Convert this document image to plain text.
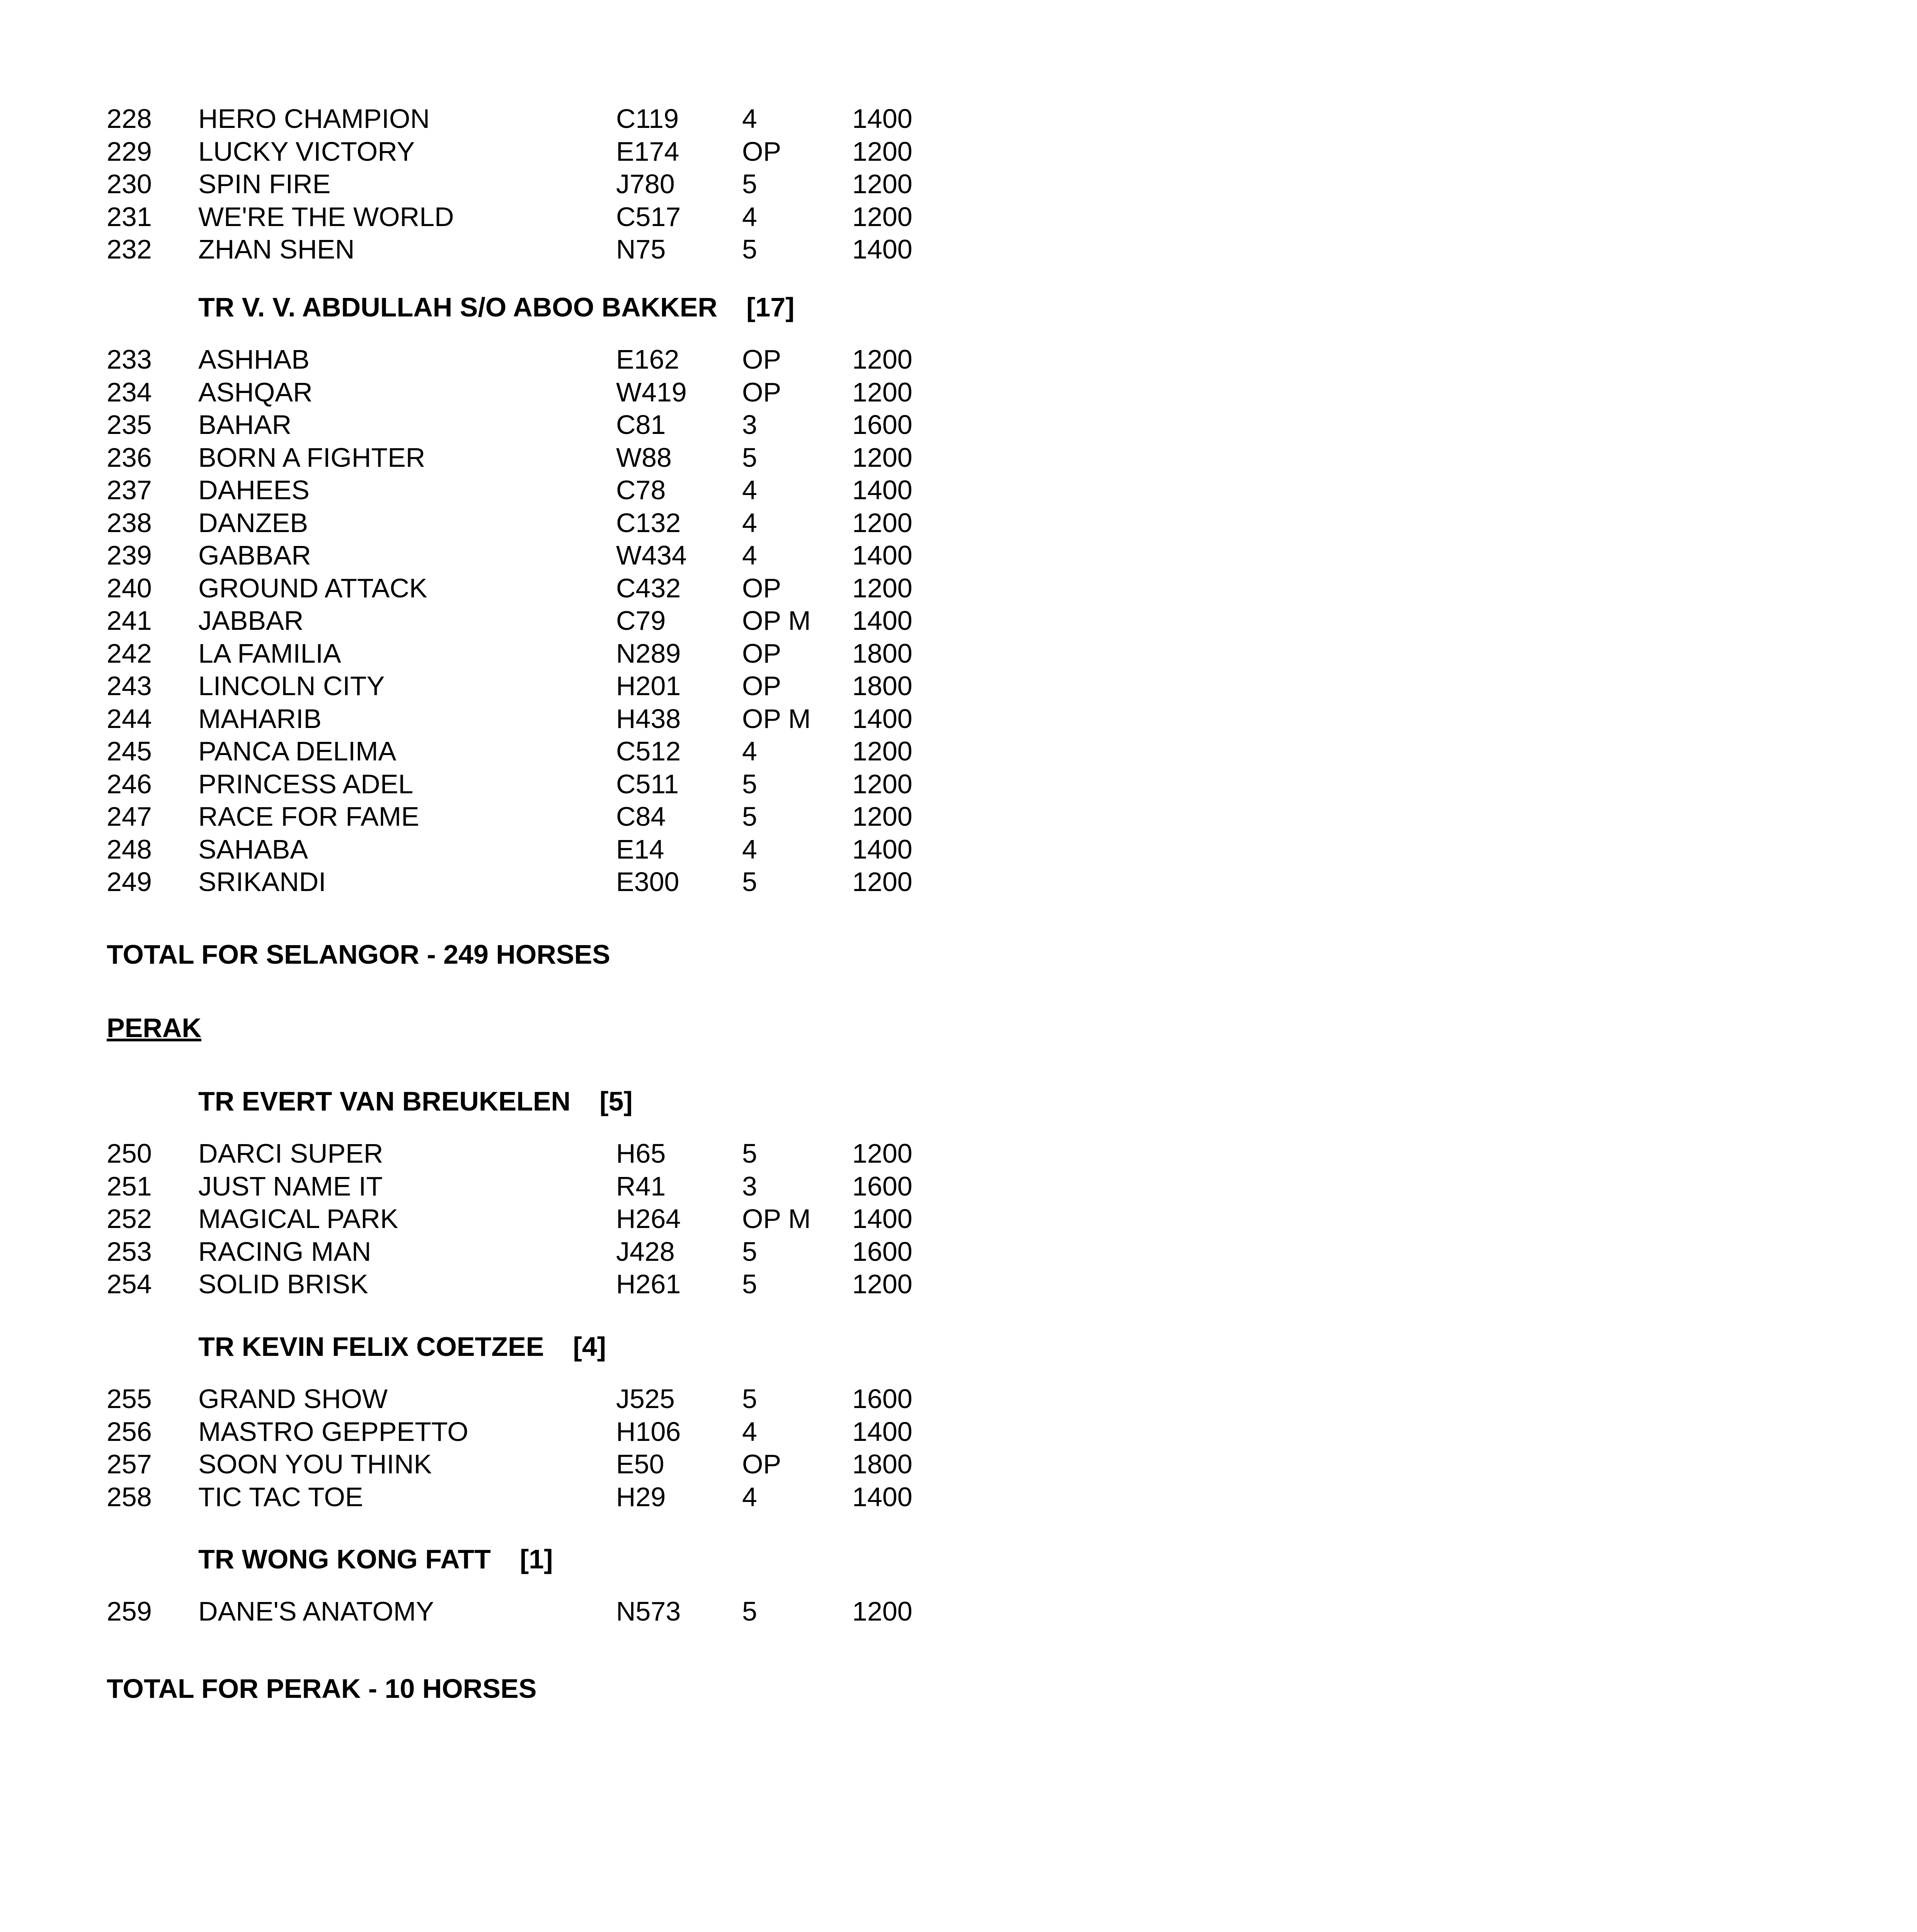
228 HERO CHAMPION	C119 4	1400
229 LUCKY VICTORY	E174 OP	1200
230 SPIN FIRE	J780 5	1200
231 WE'RE THE WORLD	C517 4	1200
232 ZHAN SHEN	N75	5	1400
TR V. V. ABDULLAH S/O ABOO BAKKER [17]
233 ASHHAB	E162 OP	1200
234 ASHQAR	W419 OP	1200
235 BAHAR	C81	3	1600
236 BORN A FIGHTER	W88	5	1200
237 DAHEES	C78	4	1400
238 DANZEB	C132 4	1200
239 GABBAR	W434 4	1400
240 GROUND ATTACK	C432 OP	1200
241 JABBAR	C79	OP M 1400
242 LA FAMILIA	N289 OP	1800
243 LINCOLN CITY	H201 OP	1800
244 MAHARIB	H438 OP M 1400
245 PANCA DELIMA	C512 4	1200
246 PRINCESS ADEL	C511 5	1200
247 RACE FOR FAME	C84	5	1200
248 SAHABA	E14	4	1400
249 SRIKANDI	E300 5	1200
TOTAL FOR SELANGOR - 249 HORSES
PERAK
TR EVERT VAN BREUKELEN [5]
250 DARCI SUPER	H65	5	1200
251 JUST NAME IT	R41	3	1600
252 MAGICAL PARK	H264 OP M 1400
253 RACING MAN	J428 5	1600
254 SOLID BRISK	H261 5	1200
TR KEVIN FELIX COETZEE [4]
255 GRAND SHOW	J525 5	1600
256 MASTRO GEPPETTO	H106 4	1400
257 SOON YOU THINK	E50	OP	1800
258 TIC TAC TOE	H29	4	1400
TR WONG KONG FATT [1]
259 DANE'S ANATOMY	N573 5	1200
TOTAL FOR PERAK - 10 HORSES
